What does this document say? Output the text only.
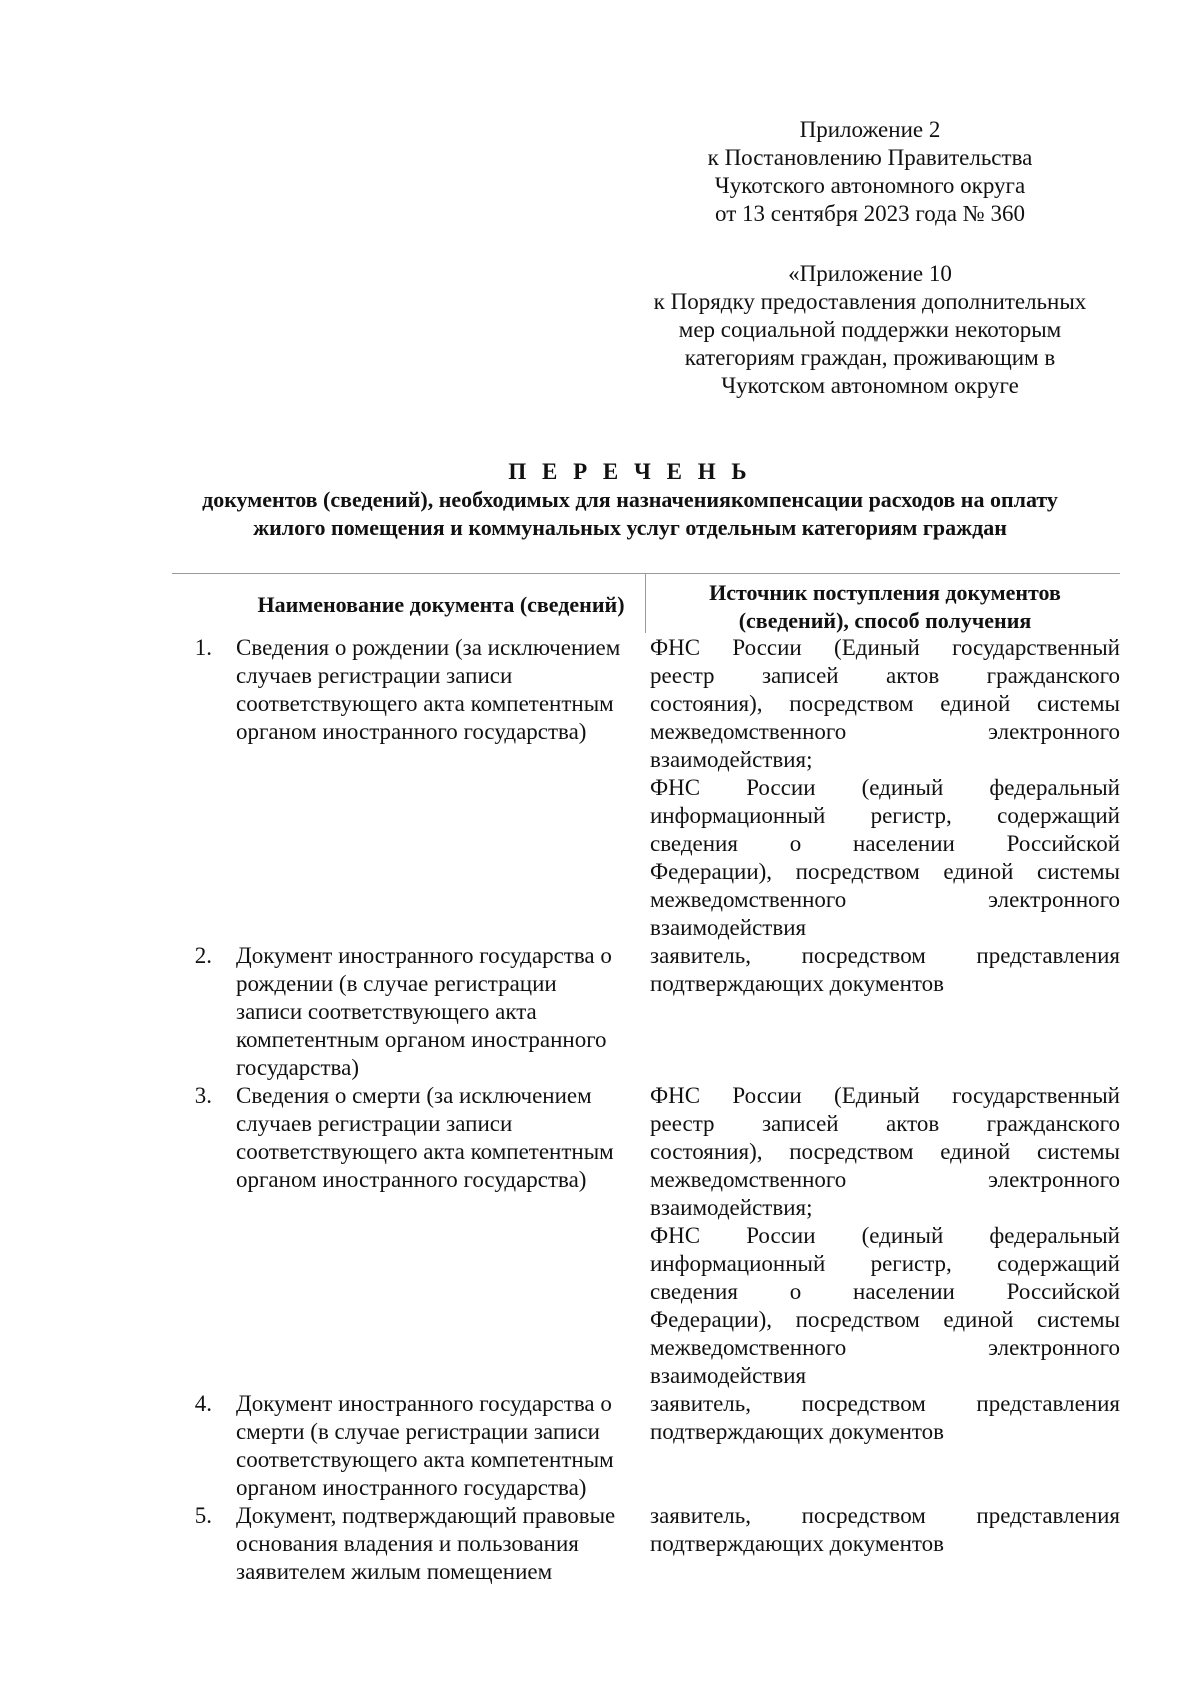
Приложение 2
к Постановлению Правительства
Чукотского автономного округа
от 13 сентября 2023 года № 360
«Приложение 10
к Порядку предоставления дополнительных
мер социальной поддержки некоторым
категориям граждан, проживающим в
Чукотском автономном округе
П Е Р Е Ч Е Н Ь
документов (сведений), необходимых для назначениякомпенсации расходов на оплату
жилого помещения и коммунальных услуг отдельным категориям граждан
Наименование документа (сведений)	Источник поступления документов
(сведений), способ получения
1. Сведения о рождении (за исключением
случаев регистрации записи
соответствующего акта компетентным
органом иностранного государства)
ФНС России (Единый государственный
реестр записей актов гражданского
состояния), посредством единой системы
межведомственного электронного
взаимодействия;
ФНС России (единый федеральный
информационный регистр, содержащий
сведения о населении Российской
Федерации), посредством единой системы
межведомственного электронного
взаимодействия
2. Документ иностранного государства о
рождении (в случае регистрации
записи соответствующего акта
компетентным органом иностранного
государства)
заявитель, посредством представления
подтверждающих документов
3. Сведения о смерти (за исключением
случаев регистрации записи
соответствующего акта компетентным
органом иностранного государства)
ФНС России (Единый государственный
реестр записей актов гражданского
состояния), посредством единой системы
межведомственного электронного
взаимодействия;
ФНС России (единый федеральный
информационный регистр, содержащий
сведения о населении Российской
Федерации), посредством единой системы
межведомственного электронного
взаимодействия
4. Документ иностранного государства о
смерти (в случае регистрации записи
соответствующего акта компетентным
органом иностранного государства)
заявитель, посредством представления
подтверждающих документов
5. Документ, подтверждающий правовые
основания владения и пользования
заявителем жилым помещением
заявитель, посредством представления
подтверждающих документов
